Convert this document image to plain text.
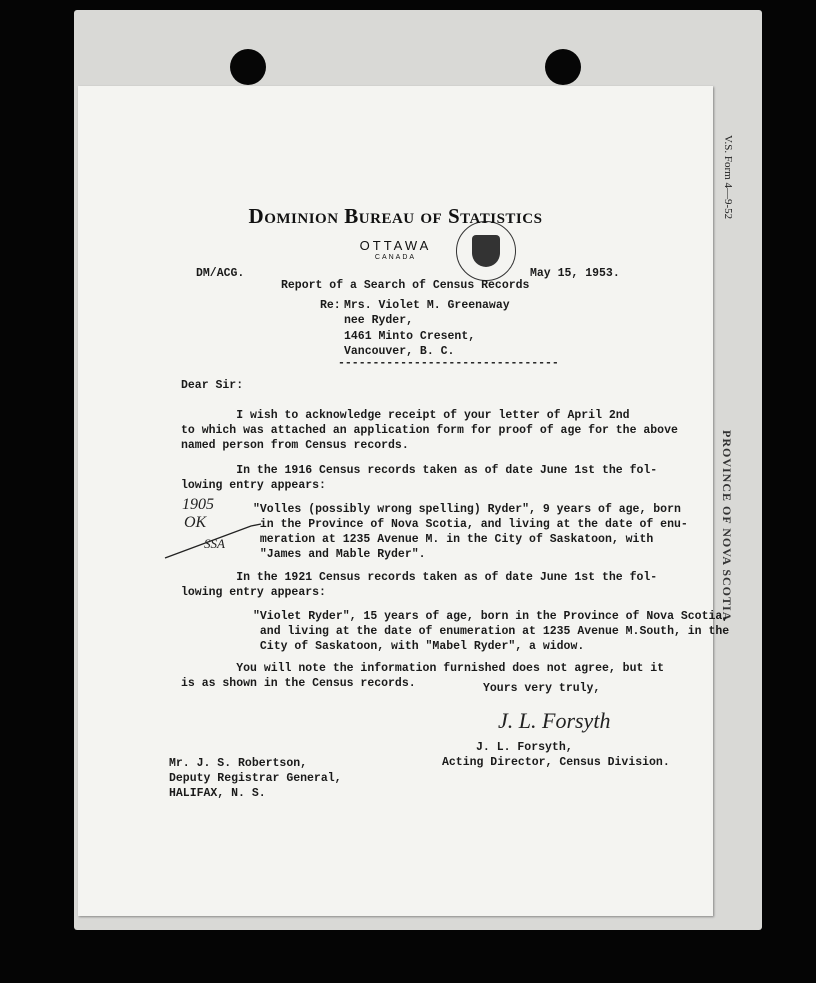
V.S. Form 4—9-52
PROVINCE OF NOVA SCOTIA
Dominion Bureau of Statistics
OTTAWA
CANADA
DM/ACG.	May 15, 1953.
Report of a Search of Census Records
Re: Mrs. Violet M. Greenaway
nee Ryder,
1461 Minto Cresent,
Vancouver, B. C.
--------------------------------
Dear Sir:
I wish to acknowledge receipt of your letter of April 2nd
to which was attached an application form for proof of age for the above
named person from Census records.
In the 1916 Census records taken as of date June 1st the fol-
lowing entry appears:
"Volles (possibly wrong spelling) Ryder", 9 years of age, born
in the Province of Nova Scotia, and living at the date of enu-
meration at 1235 Avenue M. in the City of Saskatoon, with
"James and Mable Ryder".
In the 1921 Census records taken as of date June 1st the fol-
lowing entry appears:
"Violet Ryder", 15 years of age, born in the Province of Nova Scotia,
and living at the date of enumeration at 1235 Avenue M.South, in the
City of Saskatoon, with "Mabel Ryder", a widow.
You will note the information furnished does not agree, but it
is as shown in the Census records.	Yours very truly,
J. L. Forsyth
J. L. Forsyth,
Acting Director, Census Division.
Mr. J. S. Robertson,
Deputy Registrar General,
HALIFAX, N. S.
1905
OK
SSA
